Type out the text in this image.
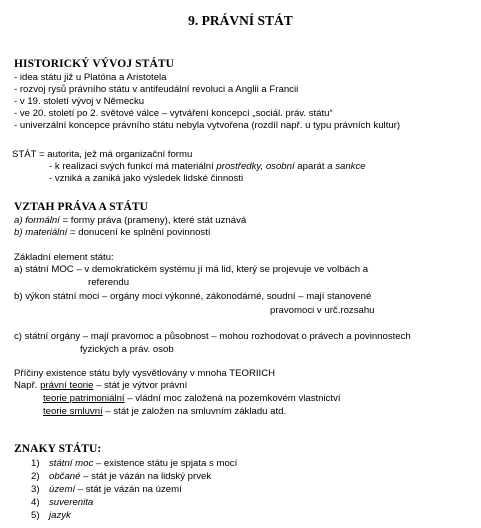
9. PRÁVNÍ STÁT
HISTORICKÝ VÝVOJ STÁTU
- idea státu již u Platóna a Aristotela
- rozvoj rysů právního státu v antifeudální revoluci a Anglii a Francii
- v 19. století vývoj v Německu
- ve 20. století po 2. světové válce – vytváření koncepcí „sociál. práv. státu“
- univerzální koncepce právního státu nebyla vytvořena (rozdíl např. u typu právních kultur)
STÁT = autorita, jež má organizační formu
- k realizaci svých funkcí má materiální prostředky, osobní aparát a sankce
- vzniká a zaniká jako výsledek lidské činnosti
VZTAH PRÁVA A STÁTU
a) formální = formy práva (prameny), které stát uznává
b) materiální = donucení ke splnění povinností
Základní element státu:
a) státní MOC – v demokratickém systému jí má lid, který se projevuje ve volbách a
referendu
b) výkon státní moci – orgány moci výkonné, zákonodárné, soudní – mají stanovené
pravomoci v urč.rozsahu
c) státní orgány – mají pravomoc a působnost – mohou rozhodovat o právech a povinnostech
fyzických a práv. osob
Příčiny existence státu byly vysvětlovány v mnoha TEORIICH
Např. právní teorie – stát je výtvor právní
teorie patrimoniální – vládní moc založená na pozemkovém vlastnictví
teorie smluvní – stát je založen na smluvním základu atd.
ZNAKY STÁTU:
1) státní moc – existence státu je spjata s mocí
2) občané – stát je vázán na lidský prvek
3) území – stát je vázán na území
4) suverenita
5) jazyk
